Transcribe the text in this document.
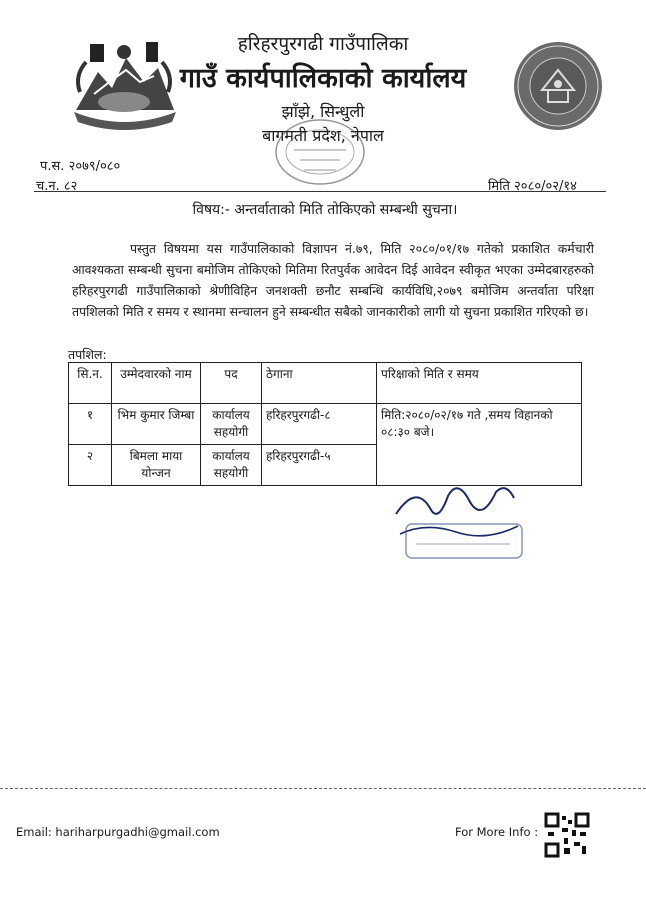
हरिहरपुरगढी गाउँपालिका
गाउँ कार्यपालिकाको कार्यालय
झाँझे, सिन्धुली
बागमती प्रदेश, नेपाल
प.स. २०७९/०८०
च.न. ८२	मिति २०८०/०२/१४
विषय:- अन्तर्वाताको मिति तोकिएको सम्बन्धी सुचना।
पस्तुत विषयमा यस गाउँपालिकाको विज्ञापन नं.७९, मिति २०८०/०१/१७ गतेको प्रकाशित कर्मचारी आवश्यकता सम्बन्धी सुचना बमोजिम तोकिएको मितिमा रितपुर्वक आवेदन दिई आवेदन स्वीकृत भएका उम्मेदबारहरुको हरिहरपुरगढी गाउँपालिकाको श्रेणीविहिन जनशक्ती छनौट सम्बन्धि कार्यविधि,२०७९ बमोजिम अन्तर्वाता परिक्षा तपशिलको मिति र समय र स्थानमा सन्चालन हुने सम्बन्धीत सबैको जानकारीको लागी यो सुचना प्रकाशित गरिएको छ।
तपशिल:
सि.न.	उम्मेदवारको नाम	पद	ठेगाना	परिक्षाको मिति र समय
१	भिम कुमार जिम्बा	कार्यालय सहयोगी	हरिहरपुरगढी-८	मिति:२०८०/०२/१७ गते ,समय विहानको ०८:३० बजे।
२	बिमला माया योन्जन	कार्यालय सहयोगी	हरिहरपुरगढी-५	
Email: hariharpurgadhi@gmail.com	For More Info :
